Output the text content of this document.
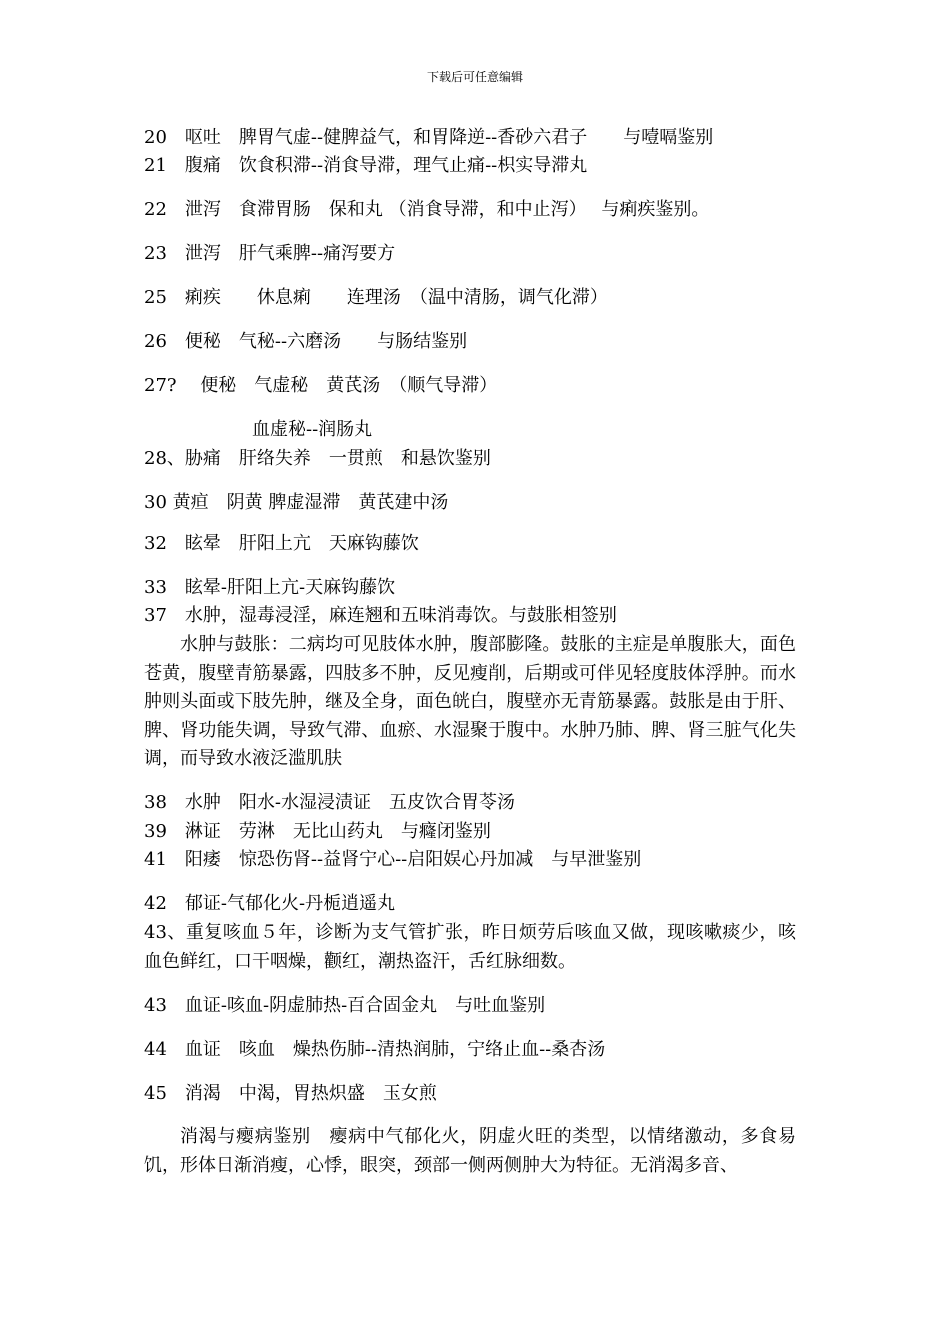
下载后可任意编辑
20　呕吐　脾胃气虚--健脾益气，和胃降逆--香砂六君子　　与噎嗝鉴别
21　腹痛　饮食积滞--消食导滞，理气止痛--枳实导滞丸
22　泄泻　食滞胃肠　保和丸 （消食导滞，和中止泻）　 与痢疾鉴别。
23　泄泻　肝气乘脾--痛泻要方
25　痢疾　　休息痢　　连理汤　（温中清肠，调气化滞）
26　便秘　气秘--六磨汤　　与肠结鉴别
27?　 便秘　气虚秘　黄芪汤　（顺气导滞）
　　　　　　血虚秘--润肠丸
28、胁痛　肝络失养　一贯煎　和悬饮鉴别
30 黄疸　阴黄 脾虚湿滞　黄芪建中汤
32　眩晕　肝阳上亢　天麻钩藤饮
33　眩晕-肝阳上亢-天麻钩藤饮
37　水肿，湿毒浸淫，麻连翘和五味消毒饮。与鼓胀相签别
水肿与鼓胀：二病均可见肢体水肿，腹部膨隆。鼓胀的主症是单腹胀大，面色苍黄，腹壁青筋暴露，四肢多不肿，反见瘦削，后期或可伴见轻度肢体浮肿。而水肿则头面或下肢先肿，继及全身，面色㿠白，腹壁亦无青筋暴露。鼓胀是由于肝、脾、肾功能失调，导致气滞、血瘀、水湿聚于腹中。水肿乃肺、脾、肾三脏气化失调，而导致水液泛滥肌肤
38　水肿　阳水-水湿浸渍证　五皮饮合胃苓汤
39　淋证　劳淋　无比山药丸　与癃闭鉴别
41　阳痿　惊恐伤肾--益肾宁心--启阳娱心丹加减　与早泄鉴别
42　郁证-气郁化火-丹栀逍遥丸
43、重复咳血５年，诊断为支气管扩张，昨日烦劳后咳血又做，现咳嗽痰少，咳血色鲜红，口干咽燥，颧红，潮热盗汗，舌红脉细数。
43　血证-咳血-阴虚肺热-百合固金丸　与吐血鉴别
44　血证　咳血　燥热伤肺--清热润肺，宁络止血--桑杏汤
45　消渴　中渴，胃热炽盛　玉女煎
消渴与瘿病鉴别　瘿病中气郁化火，阴虚火旺的类型，以情绪激动，多食易饥，形体日渐消瘦，心悸，眼突，颈部一侧两侧肿大为特征。无消渴多音、
